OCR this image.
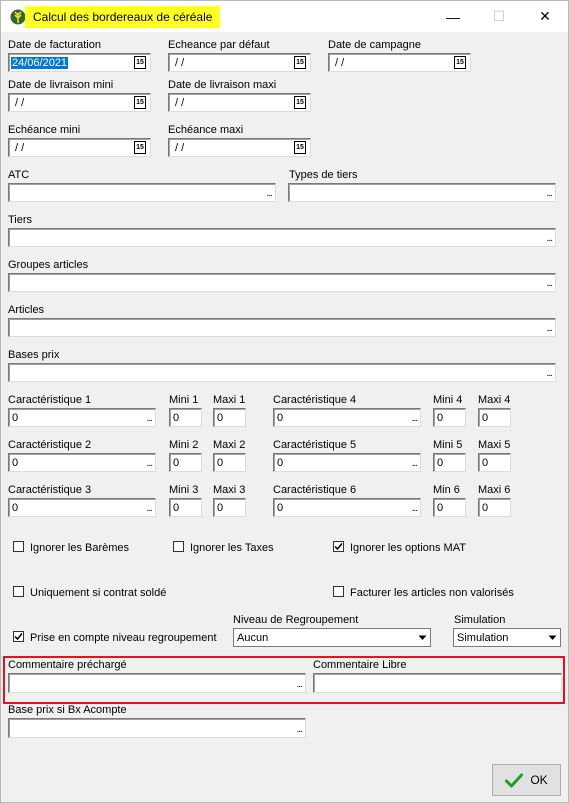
Calcul des bordereaux de céréale	—	☐	✕
Date de facturation
24/06/2021	15
Echeance par défaut
/ /	15
Date de campagne
/ /	15
Date de livraison mini
/ /	15
Date de livraison maxi
/ /	15
Echéance mini
/ /	15
Echéance maxi
/ /	15
ATC
...
Types de tiers
...
Tiers
...
Groupes articles
...
Articles
...
Bases prix
...
Caractéristique 1
0	...
Mini 1
0
Maxi 1
0
Caractéristique 2
0	...
Mini 2
0
Maxi 2
0
Caractéristique 3
0	...
Mini 3
0
Maxi 3
0
Caractéristique 4
0	...
Mini 4
0
Maxi 4
0
Caractéristique 5
0	...
Mini 5
0
Maxi 5
0
Caractéristique 6
0	...
Min 6
0
Maxi 6
0
Ignorer les Barèmes	Ignorer les Taxes	Ignorer les options MAT
Uniquement si contrat soldé	Facturer les articles non valorisés
Prise en compte niveau regroupement
Niveau de Regroupement
Aucun
Simulation
Simulation
Commentaire préchargé
...
Commentaire Libre
Base prix si Bx Acompte
...
OK
